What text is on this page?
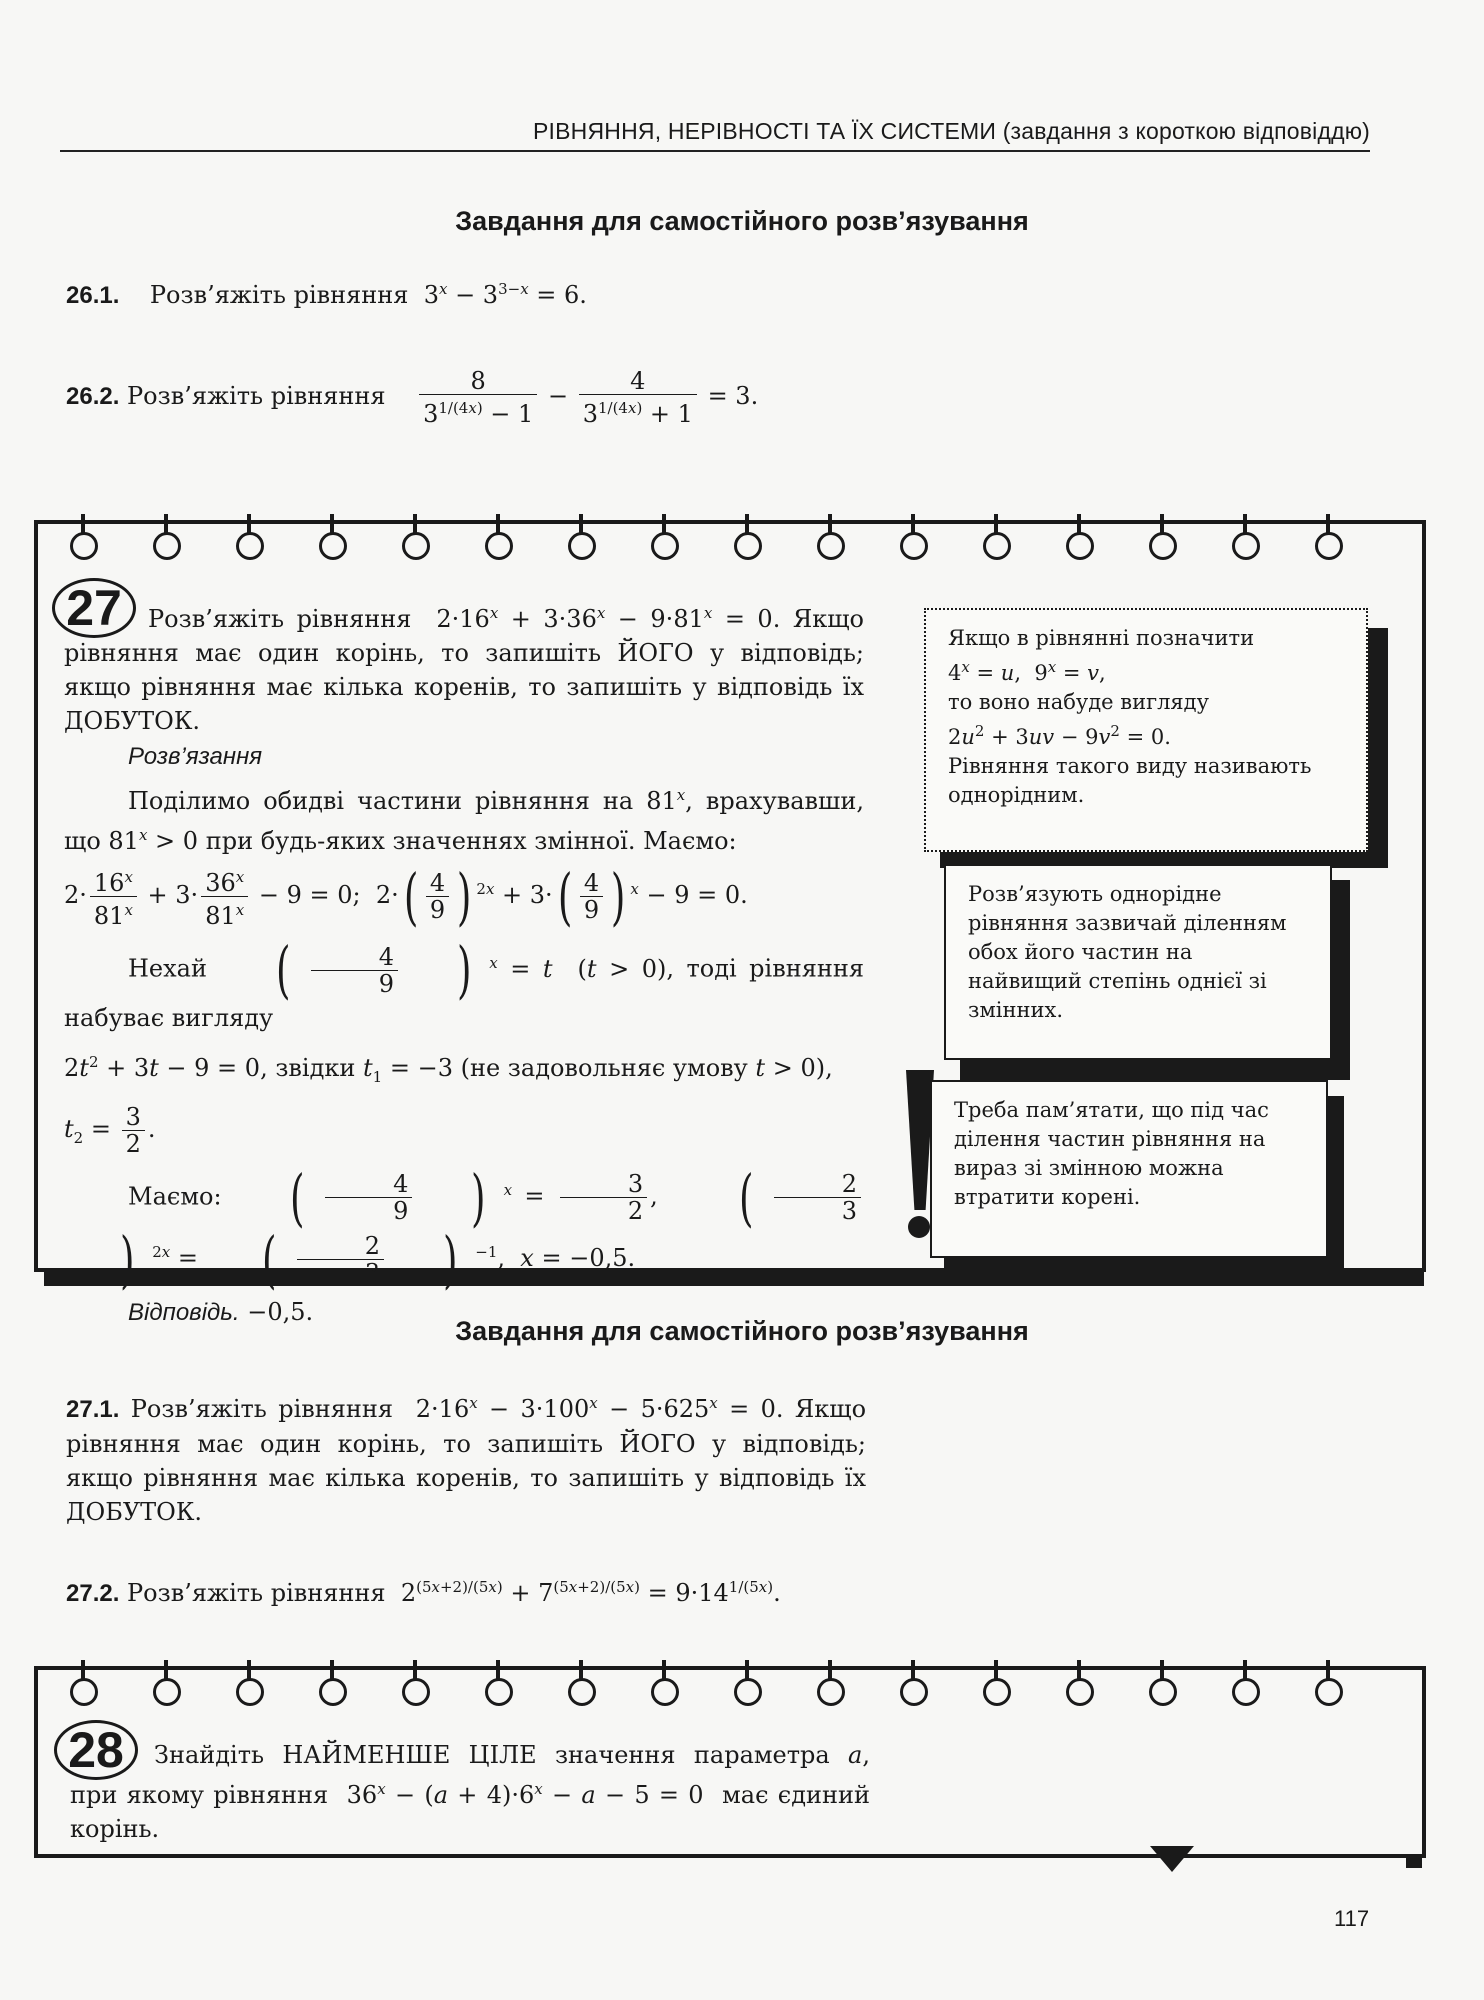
РІВНЯННЯ, НЕРІВНОСТІ ТА ЇХ СИСТЕМИ (завдання з короткою відповіддю)
Завдання для самостійного розв’язування
26.1. Розв’яжіть рівняння $3^x - 3^{3-x} = 6$.
26.2. Розв’яжіть рівняння $\frac{8}{3^{1/(4x)} - 1} - \frac{4}{3^{1/(4x)} + 1} = 3$.
27	Розв’яжіть рівняння  $2\cdot 16^x + 3\cdot 36^x - 9\cdot 81^x = 0$. Якщо рівняння має один корінь, то запишіть ЙОГО у відповідь; якщо рівняння має кілька коренів, то запишіть у відповідь їх ДОБУТОК.

Розв’язання

Поділимо обидві частини рівняння на 81$^x$, врахувавши, що $81^x > 0$ при будь-яких значеннях змінної. Маємо:

$2\cdot \frac{16^x}{81^x} + 3\cdot \frac{36^x}{81^x} - 9 = 0$;  $2\cdot( \frac{4}{9}$ ) $^{2x} + 3\cdot( \frac{4}{9}$ ) $^x$ − 9 = 0.

Нехай ( $\frac{4}{9}$ ) $^x$ = t  (t > 0), тоді рівняння набуває вигляду

$2t^2 + 3t - 9 = 0$, звідки $t_1 = -3$ (не задовольняє умову t > 0),

$t_2 = \frac{3}{2}$ .

Маємо: ( $\frac{4}{9}$ ) $^x = \frac{3}{2}$ ,  ( $\frac{2}{3}$
) $^{2x}$ = ( $\frac{2}{3}$ ) $^{-1}$,  x = −0,5.

Відповідь. −0,5.

Якщо в рівнянні позначити
$4^x = u$,  $9^x = v$,
то воно набуде вигляду
$2u^2 + 3uv - 9v^2 = 0$.
Рівняння такого виду називають однорідним.
Розв’язують однорідне рівняння зазвичай діленням обох його частин на найвищий степінь однієї зі змінних.
Треба пам’ятати, що під час ділення частин рівняння на вираз зі змінною можна втратити корені.
Завдання для самостійного розв’язування

27.1. Розв’яжіть рівняння  $2\cdot 16^x - 3\cdot 100^x - 5\cdot 625^x = 0$. Якщо рівняння має один корінь, то запишіть ЙОГО у відповідь; якщо рівняння має кілька коренів, то запишіть у відповідь їх ДОБУТОК.

27.2. Розв’яжіть рівняння $2^{(5x+2)/(5x)} + 7^{(5x+2)/(5x)} = 9\cdot 14^{1/(5x)}$.
28	Знайдіть НАЙМЕНШЕ ЦІЛЕ значення параметра a, при якому рівняння  $36^x - (a + 4)\cdot 6^x - a - 5 = 0$  має єдиний корінь.

117
